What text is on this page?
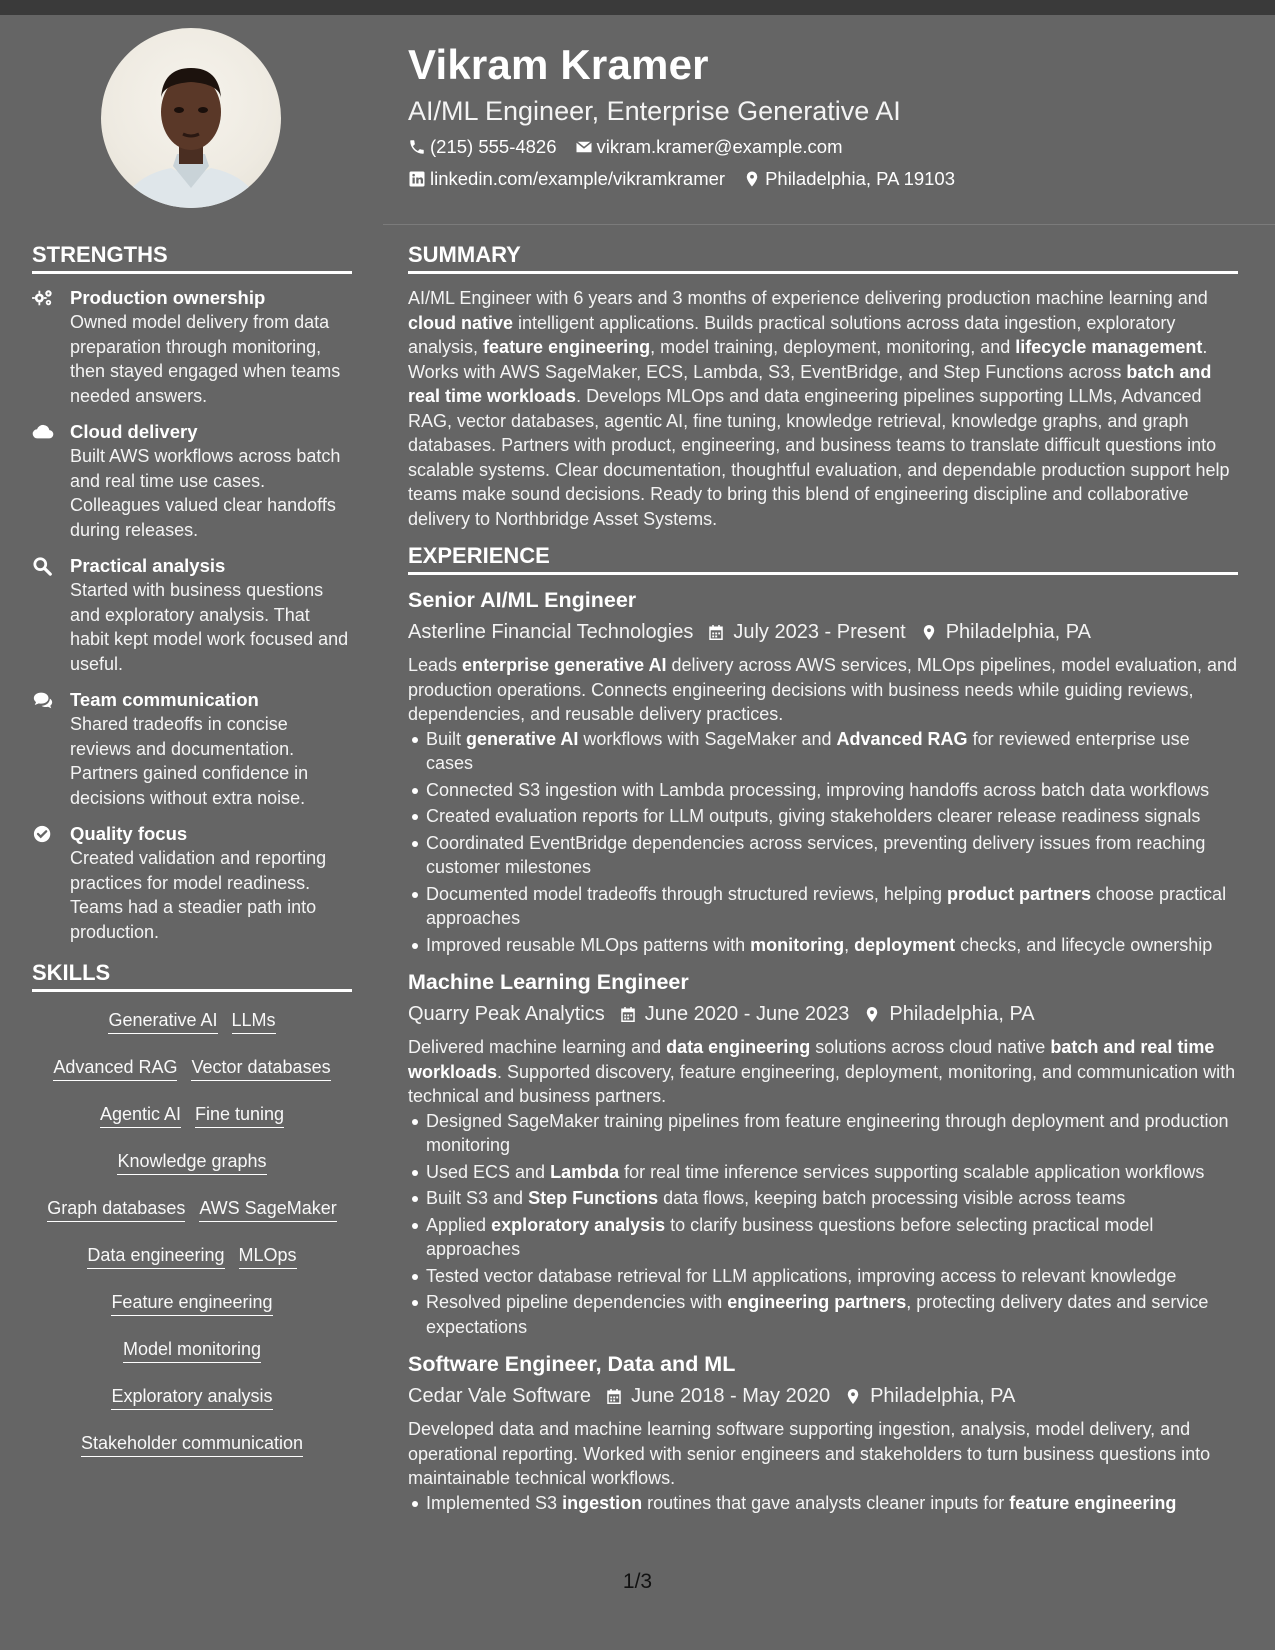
Vikram Kramer
AI/ML Engineer, Enterprise Generative AI
(215) 555-4826 vikram.kramer@example.com
linkedin.com/example/vikramkramer Philadelphia, PA 19103
STRENGTHS
Production ownership
Owned model delivery from data preparation through monitoring, then stayed engaged when teams needed answers.
Cloud delivery
Built AWS workflows across batch and real time use cases. Colleagues valued clear handoffs during releases.
Practical analysis
Started with business questions and exploratory analysis. That habit kept model work focused and useful.
Team communication
Shared tradeoffs in concise reviews and documentation. Partners gained confidence in decisions without extra noise.
Quality focus
Created validation and reporting practices for model readiness. Teams had a steadier path into production.
SKILLS
Generative AI LLMs
Advanced RAG Vector databases
Agentic AI Fine tuning
Knowledge graphs
Graph databases AWS SageMaker
Data engineering MLOps
Feature engineering
Model monitoring
Exploratory analysis
Stakeholder communication
SUMMARY

AI/ML Engineer with 6 years and 3 months of experience delivering production machine learning and cloud native intelligent applications. Builds practical solutions across data ingestion, exploratory analysis, feature engineering, model training, deployment, monitoring, and lifecycle management. Works with AWS SageMaker, ECS, Lambda, S3, EventBridge, and Step Functions across batch and real time workloads. Develops MLOps and data engineering pipelines supporting LLMs, Advanced RAG, vector databases, agentic AI, fine tuning, knowledge retrieval, knowledge graphs, and graph databases. Partners with product, engineering, and business teams to translate difficult questions into scalable systems. Clear documentation, thoughtful evaluation, and dependable production support help teams make sound decisions. Ready to bring this blend of engineering discipline and collaborative delivery to Northbridge Asset Systems.

EXPERIENCE
Senior AI/ML Engineer
Asterline Financial Technologies July 2023 - Present Philadelphia, PA

Leads enterprise generative AI delivery across AWS services, MLOps pipelines, model evaluation, and production operations. Connects engineering decisions with business needs while guiding reviews, dependencies, and reusable delivery practices.

Built generative AI workflows with SageMaker and Advanced RAG for reviewed enterprise use cases
Connected S3 ingestion with Lambda processing, improving handoffs across batch data workflows
Created evaluation reports for LLM outputs, giving stakeholders clearer release readiness signals
Coordinated EventBridge dependencies across services, preventing delivery issues from reaching customer milestones
Documented model tradeoffs through structured reviews, helping product partners choose practical approaches
Improved reusable MLOps patterns with monitoring, deployment checks, and lifecycle ownership
Machine Learning Engineer
Quarry Peak Analytics June 2020 - June 2023 Philadelphia, PA

Delivered machine learning and data engineering solutions across cloud native batch and real time workloads. Supported discovery, feature engineering, deployment, monitoring, and communication with technical and business partners.

Designed SageMaker training pipelines from feature engineering through deployment and production monitoring
Used ECS and Lambda for real time inference services supporting scalable application workflows
Built S3 and Step Functions data flows, keeping batch processing visible across teams
Applied exploratory analysis to clarify business questions before selecting practical model approaches
Tested vector database retrieval for LLM applications, improving access to relevant knowledge
Resolved pipeline dependencies with engineering partners, protecting delivery dates and service expectations
Software Engineer, Data and ML
Cedar Vale Software June 2018 - May 2020 Philadelphia, PA

Developed data and machine learning software supporting ingestion, analysis, model delivery, and operational reporting. Worked with senior engineers and stakeholders to turn business questions into maintainable technical workflows.

Implemented S3 ingestion routines that gave analysts cleaner inputs for feature engineering
1/3
